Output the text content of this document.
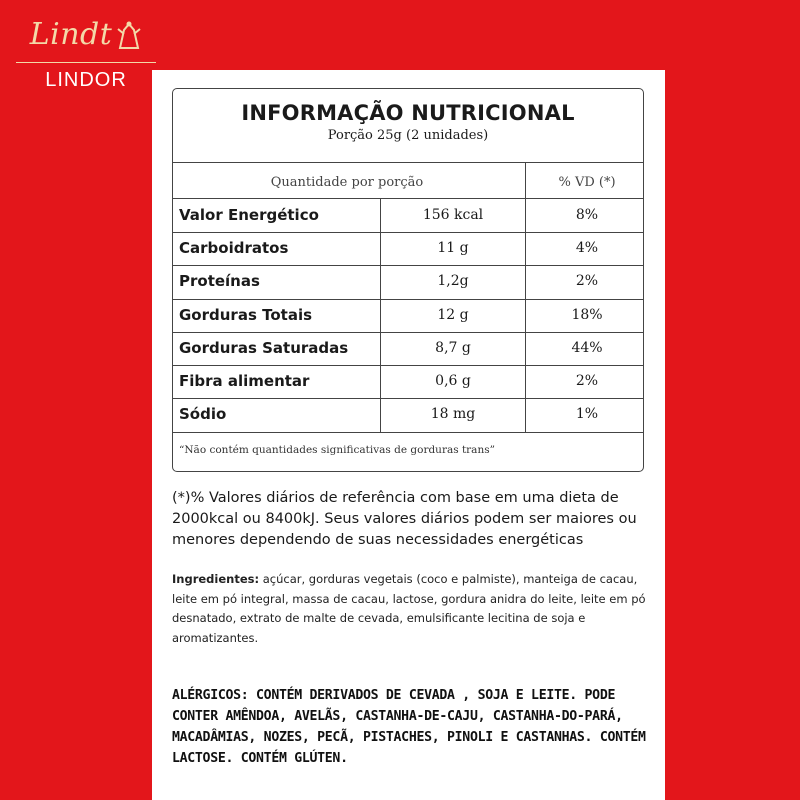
Lindt
LINDOR
INFORMAÇÃO NUTRICIONAL
Porção 25g (2 unidades)
Quantidade por porção	% VD (*)
Valor Energético	156 kcal	8%
Carboidratos	11 g	4%
Proteínas	1,2g	2%
Gorduras Totais	12 g	18%
Gorduras Saturadas	8,7 g	44%
Fibra alimentar	0,6 g	2%
Sódio	18 mg	1%
“Não contém quantidades significativas de gorduras trans”
(*)% Valores diários de referência com base em uma dieta de 2000kcal ou 8400kJ. Seus valores diários podem ser maiores ou menores dependendo de suas necessidades energéticas
Ingredientes: açúcar, gorduras vegetais (coco e palmiste), manteiga de cacau, leite em pó integral, massa de cacau, lactose, gordura anidra do leite, leite em pó desnatado, extrato de malte de cevada, emulsificante lecitina de soja e aromatizantes.
ALÉRGICOS: CONTÉM DERIVADOS DE CEVADA , SOJA E LEITE. PODE CONTER AMÊNDOA, AVELÃS, CASTANHA-DE-CAJU, CASTANHA-DO-PARÁ, MACADÂMIAS, NOZES, PECÃ, PISTACHES, PINOLI E CASTANHAS. CONTÉM LACTOSE. CONTÉM GLÚTEN.
